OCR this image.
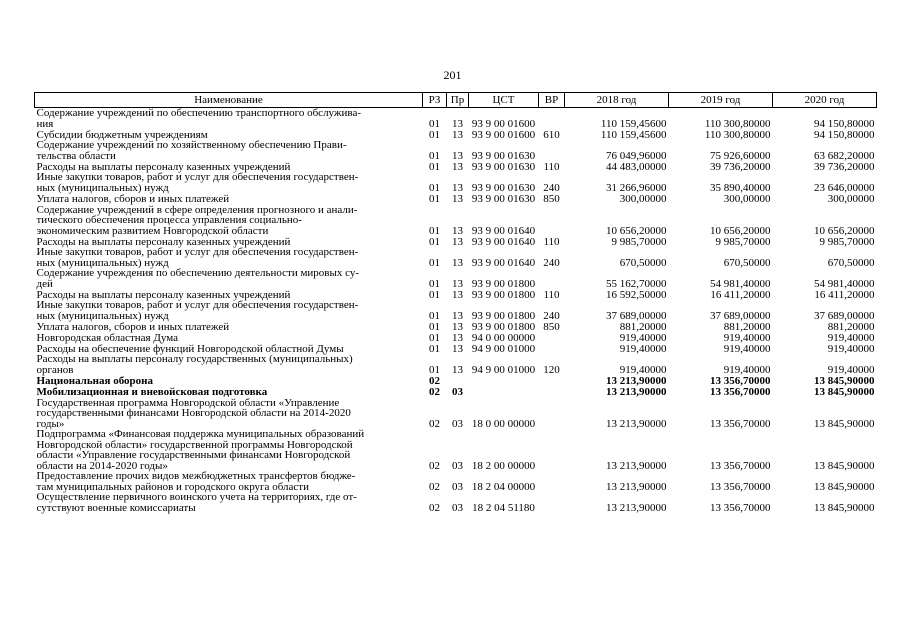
201
Наименование	РЗ	Пр	ЦСТ	ВР	2018 год	2019 год	2020 год
Содержание учреждений по обеспечению транспортного обслужива-
ния	01	13	93 9 00 01600		110 159,45600	110 300,80000	94 150,80000
Субсидии бюджетным учреждениям	01	13	93 9 00 01600	610	110 159,45600	110 300,80000	94 150,80000
Содержание учреждений по хозяйственному обеспечению Прави-
тельства области	01	13	93 9 00 01630		76 049,96000	75 926,60000	63 682,20000
Расходы на выплаты персоналу казенных учреждений	01	13	93 9 00 01630	110	44 483,00000	39 736,20000	39 736,20000
Иные закупки товаров, работ и услуг для обеспечения государствен-
ных (муниципальных) нужд	01	13	93 9 00 01630	240	31 266,96000	35 890,40000	23 646,00000
Уплата налогов, сборов и иных платежей	01	13	93 9 00 01630	850	300,00000	300,00000	300,00000
Содержание учреждений в сфере определения прогнозного и анали-
тического обеспечения процесса управления социально-
экономическим развитием Новгородской области	01	13	93 9 00 01640		10 656,20000	10 656,20000	10 656,20000
Расходы на выплаты персоналу казенных учреждений	01	13	93 9 00 01640	110	9 985,70000	9 985,70000	9 985,70000
Иные закупки товаров, работ и услуг для обеспечения государствен-
ных (муниципальных) нужд	01	13	93 9 00 01640	240	670,50000	670,50000	670,50000
Содержание учреждения по обеспечению деятельности мировых су-
дей	01	13	93 9 00 01800		55 162,70000	54 981,40000	54 981,40000
Расходы на выплаты персоналу казенных учреждений	01	13	93 9 00 01800	110	16 592,50000	16 411,20000	16 411,20000
Иные закупки товаров, работ и услуг для обеспечения государствен-
ных (муниципальных) нужд	01	13	93 9 00 01800	240	37 689,00000	37 689,00000	37 689,00000
Уплата налогов, сборов и иных платежей	01	13	93 9 00 01800	850	881,20000	881,20000	881,20000
Новгородская областная Дума	01	13	94 0 00 00000		919,40000	919,40000	919,40000
Расходы на обеспечение функций Новгородской областной Думы	01	13	94 9 00 01000		919,40000	919,40000	919,40000
Расходы на выплаты персоналу государственных (муниципальных)
органов	01	13	94 9 00 01000	120	919,40000	919,40000	919,40000
Национальная оборона	02				13 213,90000	13 356,70000	13 845,90000
Мобилизационная и вневойсковая подготовка	02	03			13 213,90000	13 356,70000	13 845,90000
Государственная программа Новгородской области «Управление
государственными финансами Новгородской области на 2014-2020
годы»	02	03	18 0 00 00000		13 213,90000	13 356,70000	13 845,90000
Подпрограмма «Финансовая поддержка муниципальных образований
Новгородской области» государственной программы Новгородской
области «Управление государственными финансами Новгородской
области на 2014-2020 годы»	02	03	18 2 00 00000		13 213,90000	13 356,70000	13 845,90000
Предоставление прочих видов межбюджетных трансфертов бюдже-
там муниципальных районов и городского округа области	02	03	18 2 04 00000		13 213,90000	13 356,70000	13 845,90000
Осуществление первичного воинского учета на территориях, где от-
сутствуют военные комиссариаты	02	03	18 2 04 51180		13 213,90000	13 356,70000	13 845,90000
